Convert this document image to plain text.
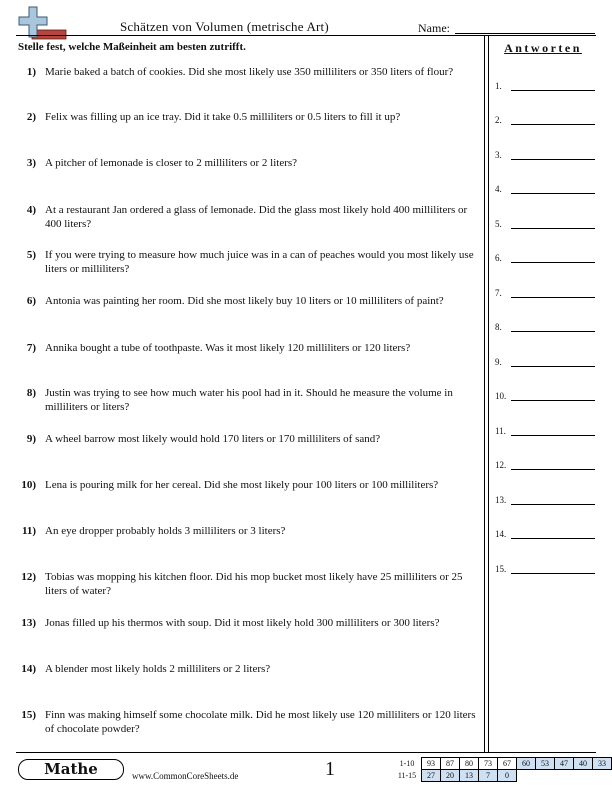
Schätzen von Volumen (metrische Art)	Name:
Stelle fest, welche Maßeinheit am besten zutrifft.	Antworten
1) Marie baked a batch of cookies. Did she most likely use 350 milliliters or 350 liters of flour?
2) Felix was filling up an ice tray. Did it take 0.5 milliliters or 0.5 liters to fill it up?
3) A pitcher of lemonade is closer to 2 milliliters or 2 liters?
4) At a restaurant Jan ordered a glass of lemonade. Did the glass most likely hold 400 milliliters or 400 liters?
5) If you were trying to measure how much juice was in a can of peaches would you most likely use liters or milliliters?
6) Antonia was painting her room. Did she most likely buy 10 liters or 10 milliliters of paint?
7) Annika bought a tube of toothpaste. Was it most likely 120 milliliters or 120 liters?
8) Justin was trying to see how much water his pool had in it. Should he measure the volume in milliliters or liters?
9) A wheel barrow most likely would hold 170 liters or 170 milliliters of sand?
10) Lena is pouring milk for her cereal. Did she most likely pour 100 liters or 100 milliliters?
11) An eye dropper probably holds 3 milliliters or 3 liters?
12) Tobias was mopping his kitchen floor. Did his mop bucket most likely have 25 milliliters or 25 liters of water?
13) Jonas filled up his thermos with soup. Did it most likely hold 300 milliliters or 300 liters?
14) A blender most likely holds 2 milliliters or 2 liters?
15) Finn was making himself some chocolate milk. Did he most likely use 120 milliliters or 120 liters of chocolate powder?
1.
2.
3.
4.
5.
6.
7.
8.
9.
10.
11.
12.
13.
14.
15.
Mathe	www.CommonCoreSheets.de	1	1-10	93	87	80	73	67	60	53	47	40	33
11-15	27	20	13	7	0					
